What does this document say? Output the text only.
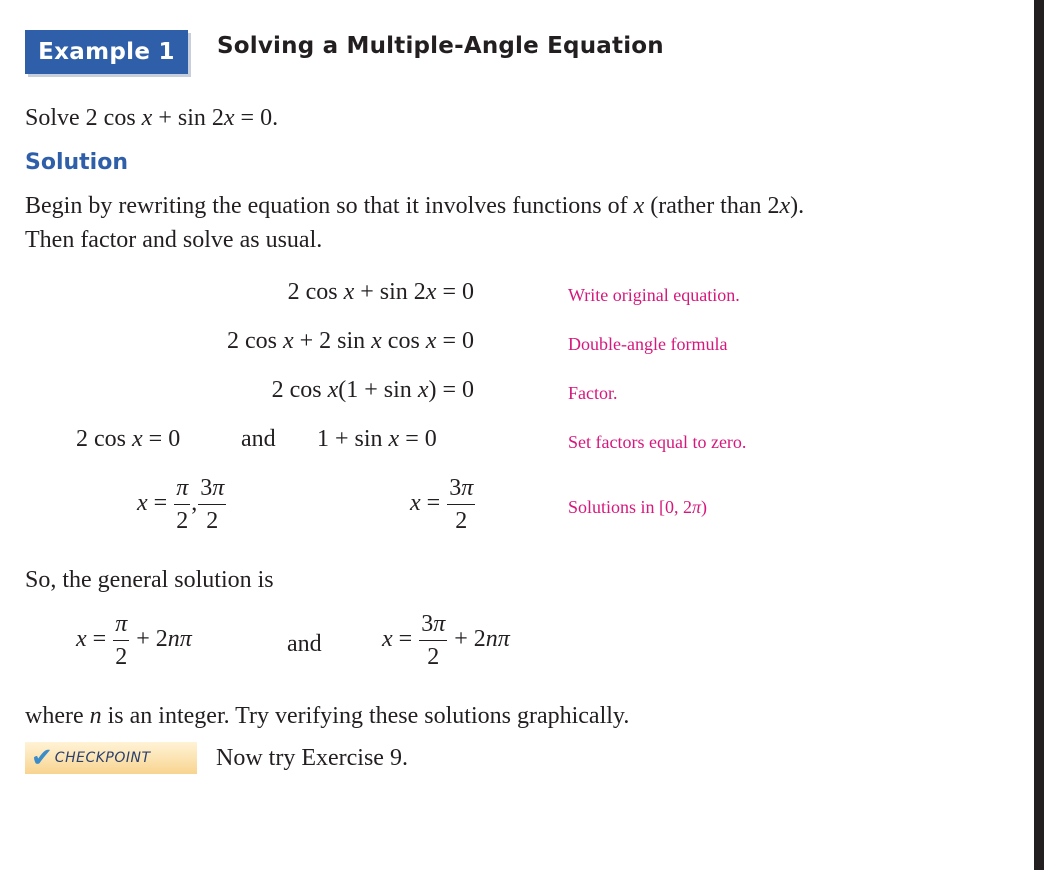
Example 1 Solving a Multiple-Angle Equation
Solve 2 cos x + sin 2x = 0.
Solution
Begin by rewriting the equation so that it involves functions of x (rather than 2x).
Then factor and solve as usual.
2 cos x + sin 2x = 0	Write original equation.
2 cos x + 2 sin x cos x = 0	Double-angle formula
2 cos x(1 + sin x) = 0	Factor.
2 cos x = 0	and 1 + sin x = 0	Set factors equal to zero.
$x = \frac{\pi}{2}$ , $\frac{3\pi}{2}$	$x = \frac{3\pi}{2}$	Solutions in [0, 2π)
So, the general solution is
$x = \frac{\pi}{2} + 2n\pi$	and	$x = \frac{3\pi}{2} + 2n\pi$
where n is an integer. Try verifying these solutions graphically.
✔ CHECKPOINT	Now try Exercise 9.
